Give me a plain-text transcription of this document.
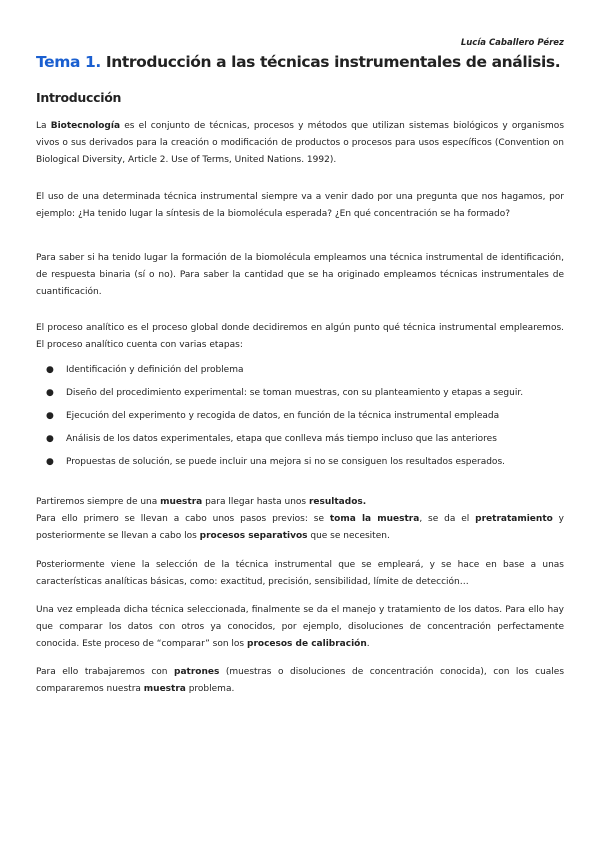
Lucía Caballero Pérez
Tema 1. Introducción a las técnicas instrumentales de análisis.
Introducción
La Biotecnología es el conjunto de técnicas, procesos y métodos que utilizan sistemas biológicos y organismos vivos o sus derivados para la creación o modificación de productos o procesos para usos específicos (Convention on Biological Diversity, Article 2. Use of Terms, United Nations. 1992).
El uso de una determinada técnica instrumental siempre va a venir dado por una pregunta que nos hagamos, por ejemplo: ¿Ha tenido lugar la síntesis de la biomolécula esperada? ¿En qué concentración se ha formado?
Para saber si ha tenido lugar la formación de la biomolécula empleamos una técnica instrumental de identificación, de respuesta binaria (sí o no). Para saber la cantidad que se ha originado empleamos técnicas instrumentales de cuantificación.
El proceso analítico es el proceso global donde decidiremos en algún punto qué técnica instrumental emplearemos. El proceso analítico cuenta con varias etapas:
● Identificación y definición del problema
● Diseño del procedimiento experimental: se toman muestras, con su planteamiento y etapas a seguir.
● Ejecución del experimento y recogida de datos, en función de la técnica instrumental empleada
● Análisis de los datos experimentales, etapa que conlleva más tiempo incluso que las anteriores
● Propuestas de solución, se puede incluir una mejora si no se consiguen los resultados esperados.
Partiremos siempre de una muestra para llegar hasta unos resultados.
Para ello primero se llevan a cabo unos pasos previos: se toma la muestra, se da el pretratamiento y posteriormente se llevan a cabo los procesos separativos que se necesiten.
Posteriormente viene la selección de la técnica instrumental que se empleará, y se hace en base a unas características analíticas básicas, como: exactitud, precisión, sensibilidad, límite de detección…
Una vez empleada dicha técnica seleccionada, finalmente se da el manejo y tratamiento de los datos. Para ello hay que comparar los datos con otros ya conocidos, por ejemplo, disoluciones de concentración perfectamente conocida. Este proceso de “comparar” son los procesos de calibración.
Para ello trabajaremos con patrones (muestras o disoluciones de concentración conocida), con los cuales compararemos nuestra muestra problema.
